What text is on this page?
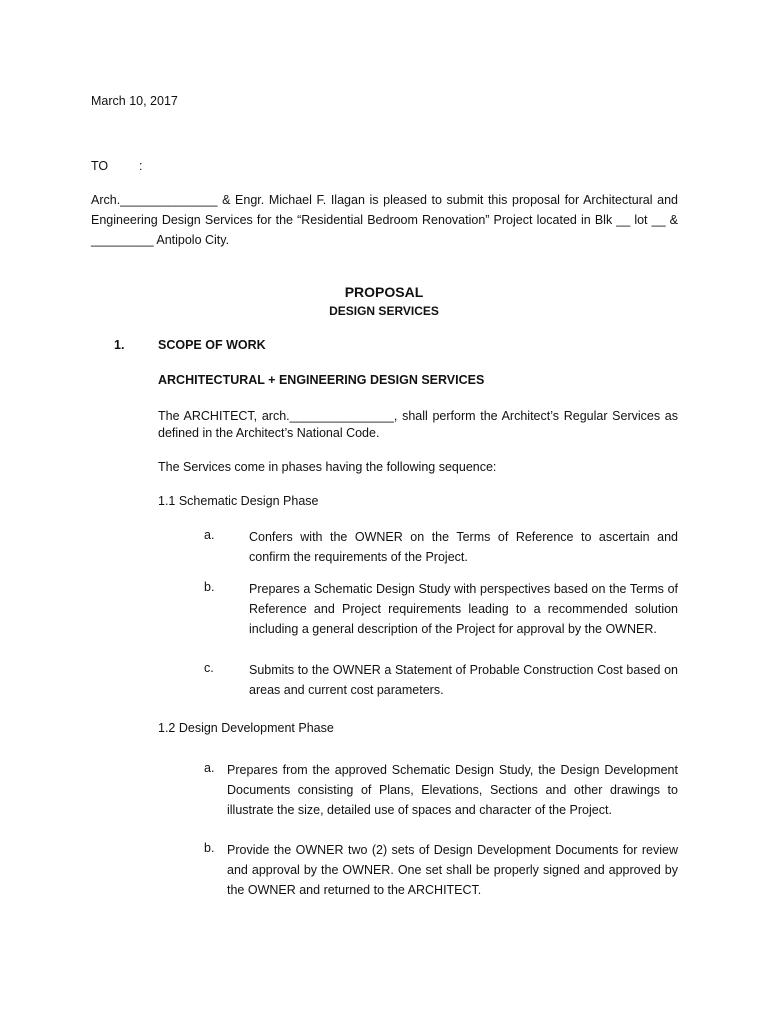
March 10, 2017
TO :
Arch.______________ & Engr. Michael F. Ilagan is pleased to submit this proposal for Architectural and
Engineering Design Services for the “Residential Bedroom Renovation” Project located in Blk __ lot __ &
_________ Antipolo City.
PROPOSAL
DESIGN SERVICES
1.	SCOPE OF WORK
ARCHITECTURAL + ENGINEERING DESIGN SERVICES
The ARCHITECT, arch._______________, shall perform the Architect’s Regular Services as
defined in the Architect’s National Code.
The Services come in phases having the following sequence:
1.1 Schematic Design Phase
a.	Confers with the OWNER on the Terms of Reference to ascertain and
confirm the requirements of the Project.
b.	Prepares a Schematic Design Study with perspectives based on the Terms of
Reference and Project requirements leading to a recommended solution
including a general description of the Project for approval by the OWNER.
c.	Submits to the OWNER a Statement of Probable Construction Cost based on
areas and current cost parameters.
1.2 Design Development Phase
a. Prepares from the approved Schematic Design Study, the Design Development
Documents consisting of Plans, Elevations, Sections and other drawings to
illustrate the size, detailed use of spaces and character of the Project.
b. Provide the OWNER two (2) sets of Design Development Documents for review
and approval by the OWNER. One set shall be properly signed and approved by
the OWNER and returned to the ARCHITECT.
